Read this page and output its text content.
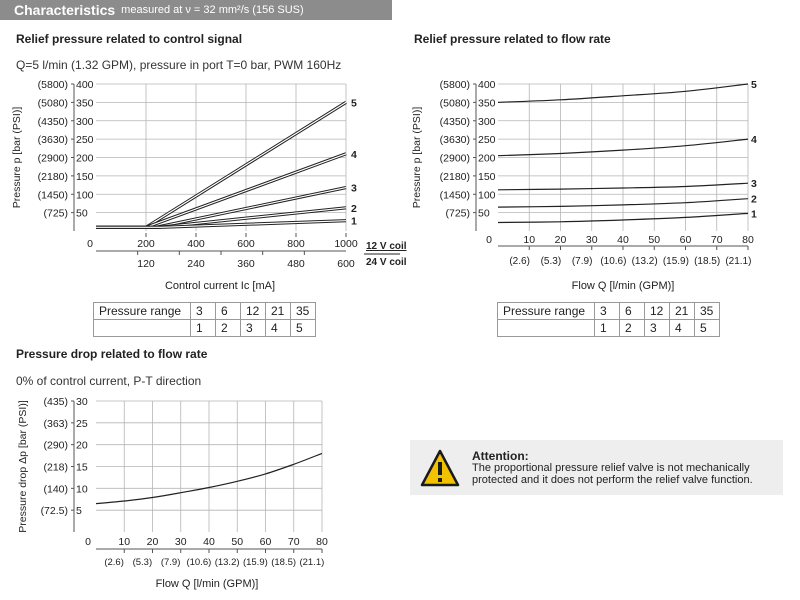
Characteristics measured at ν = 32 mm²/s (156 SUS)
Relief pressure related to control signal
Q=5 l/min (1.32 GPM), pressure in port T=0 bar, PWM 160Hz
Relief pressure related to flow rate
Pressure drop related to flow rate
0% of control current, P-T direction
50
(725)
100
(1450)
150
(2180)
200
(2900)
250
(3630)
300
(4350)
350
(5080)
400
(5800)
Pressure p [bar (PSI)]
5
4
3
2
1
0	200	400	600	800	1000
120	240	360	480	600
12 V coil
24 V coil
Control current Ic [mA]
50
(725)
100
(1450)
150
(2180)
200
(2900)
250
(3630)
300
(4350)
350
(5080)
400
(5800)
Pressure p [bar (PSI)]
5
4
3
2
1
0	10
(2.6)
20
(5.3)
30
(7.9)
40
(10.6)
50
(13.2)
60
(15.9)
70
(18.5)
80
(21.1)
Flow Q [l/min (GPM)]
5
(72.5)
10
(140)
15
(218)
20
(290)
25
(363)
30
(435)
Pressure drop Δp [bar (PSI)]
0	10
(2.6)
20
(5.3)
30
(7.9)
40
(10.6)
50
(13.2)
60
(15.9)
70
(18.5)
80
(21.1)
Flow Q [l/min (GPM)]
Pressure range	3	6	12	21	35
	1	2	3	4	5
Pressure range	3	6	12	21	35
	1	2	3	4	5
Attention:
The proportional pressure relief valve is not mechanically
protected and it does not perform the relief valve function.
